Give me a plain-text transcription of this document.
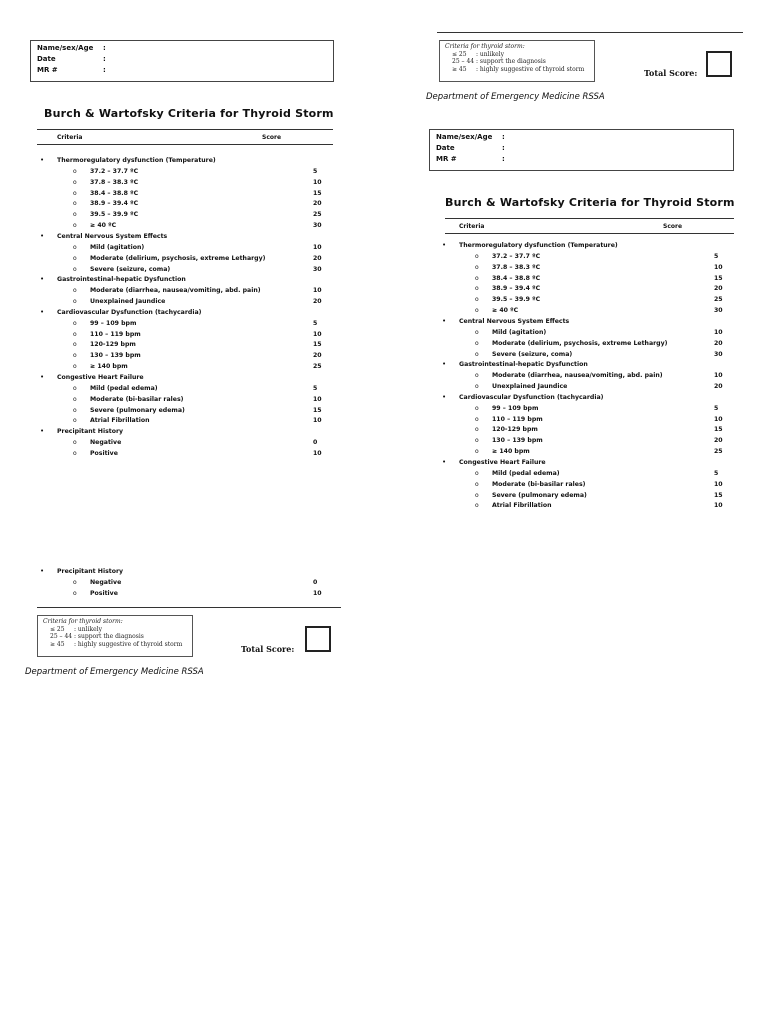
Name/sex/Age	:
Date	:
MR #	:
Burch & Wartofsky Criteria for Thyroid Storm
Criteria	Score
• Thermoregulatory dysfunction (Temperature)
o 37.2 – 37.7 ºC	5
o 37.8 – 38.3 ºC	10
o 38.4 – 38.8 ºC	15
o 38.9 – 39.4 ºC	20
o 39.5 – 39.9 ºC	25
o ≥ 40 ºC	30
• Central Nervous System Effects
o Mild (agitation)	10
o Moderate (delirium, psychosis, extreme Lethargy)	20
o Severe (seizure, coma)	30
• Gastrointestinal-hepatic Dysfunction
o Moderate (diarrhea, nausea/vomiting, abd. pain)	10
o Unexplained Jaundice	20
• Cardiovascular Dysfunction (tachycardia)
o 99 – 109 bpm	5
o 110 – 119 bpm	10
o 120-129 bpm	15
o 130 – 139 bpm	20
o ≥ 140 bpm	25
• Congestive Heart Failure
o Mild (pedal edema)	5
o Moderate (bi-basilar rales)	10
o Severe (pulmonary edema)	15
o Atrial Fibrillation	10
• Precipitant History
o Negative	0
o Positive	10
• Precipitant History
o Negative	0
o Positive	10
Criteria for thyroid storm:
≤ 25 : unlikely
25 – 44 : support the diagnosis
≥ 45 : highly suggestive of thyroid storm	Total Score:
Department of Emergency Medicine RSSA
Criteria for thyroid storm:
≤ 25 : unlikely
25 – 44 : support the diagnosis
≥ 45 : highly suggestive of thyroid storm	Total Score:
Department of Emergency Medicine RSSA
Name/sex/Age	:
Date	:
MR #	:
Burch & Wartofsky Criteria for Thyroid Storm
Criteria	Score
• Thermoregulatory dysfunction (Temperature)
o 37.2 – 37.7 ºC	5
o 37.8 – 38.3 ºC	10
o 38.4 – 38.8 ºC	15
o 38.9 – 39.4 ºC	20
o 39.5 – 39.9 ºC	25
o ≥ 40 ºC	30
• Central Nervous System Effects
o Mild (agitation)	10
o Moderate (delirium, psychosis, extreme Lethargy)	20
o Severe (seizure, coma)	30
• Gastrointestinal-hepatic Dysfunction
o Moderate (diarrhea, nausea/vomiting, abd. pain)	10
o Unexplained Jaundice	20
• Cardiovascular Dysfunction (tachycardia)
o 99 – 109 bpm	5
o 110 – 119 bpm	10
o 120-129 bpm	15
o 130 – 139 bpm	20
o ≥ 140 bpm	25
• Congestive Heart Failure
o Mild (pedal edema)	5
o Moderate (bi-basilar rales)	10
o Severe (pulmonary edema)	15
o Atrial Fibrillation	10
